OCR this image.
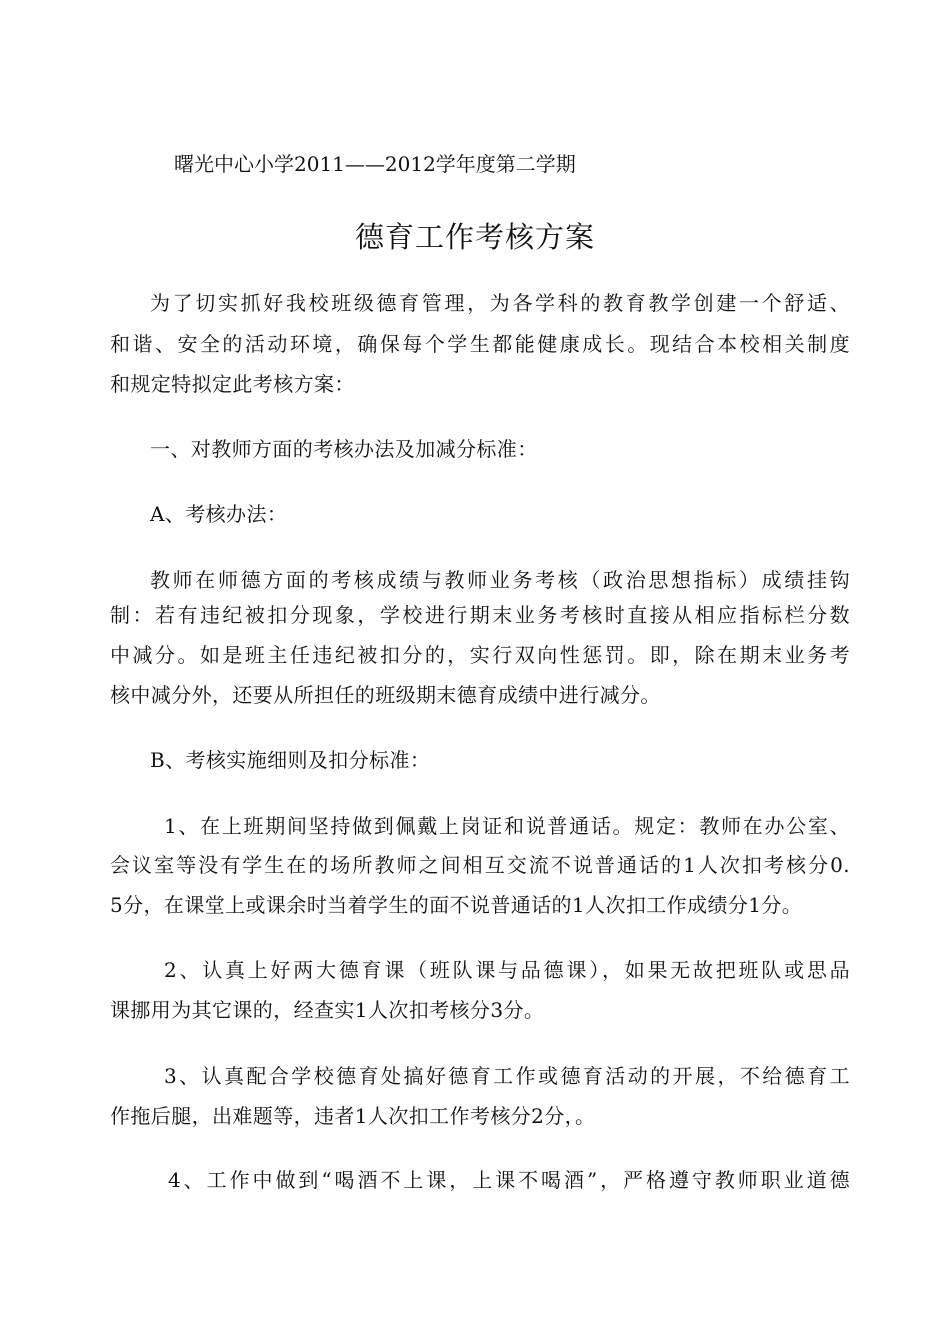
曙光中心小学2011——2012学年度第二学期
德育工作考核方案
为了切实抓好我校班级德育管理，为各学科的教育教学创建一个舒适、
和谐、安全的活动环境，确保每个学生都能健康成长。现结合本校相关制度
和规定特拟定此考核方案：
一、对教师方面的考核办法及加减分标准：
A、考核办法：
教师在师德方面的考核成绩与教师业务考核（政治思想指标）成绩挂钩
制：若有违纪被扣分现象，学校进行期末业务考核时直接从相应指标栏分数
中减分。如是班主任违纪被扣分的，实行双向性惩罚。即，除在期末业务考
核中减分外，还要从所担任的班级期末德育成绩中进行减分。
B、考核实施细则及扣分标准：
1、在上班期间坚持做到佩戴上岗证和说普通话。规定：教师在办公室、
会议室等没有学生在的场所教师之间相互交流不说普通话的1人次扣考核分0.
5分，在课堂上或课余时当着学生的面不说普通话的1人次扣工作成绩分1分。
2、认真上好两大德育课（班队课与品德课），如果无故把班队或思品
课挪用为其它课的，经查实1人次扣考核分3分。
3、认真配合学校德育处搞好德育工作或德育活动的开展，不给德育工
作拖后腿，出难题等，违者1人次扣工作考核分2分，。
4、工作中做到“喝酒不上课，上课不喝酒”，严格遵守教师职业道德
